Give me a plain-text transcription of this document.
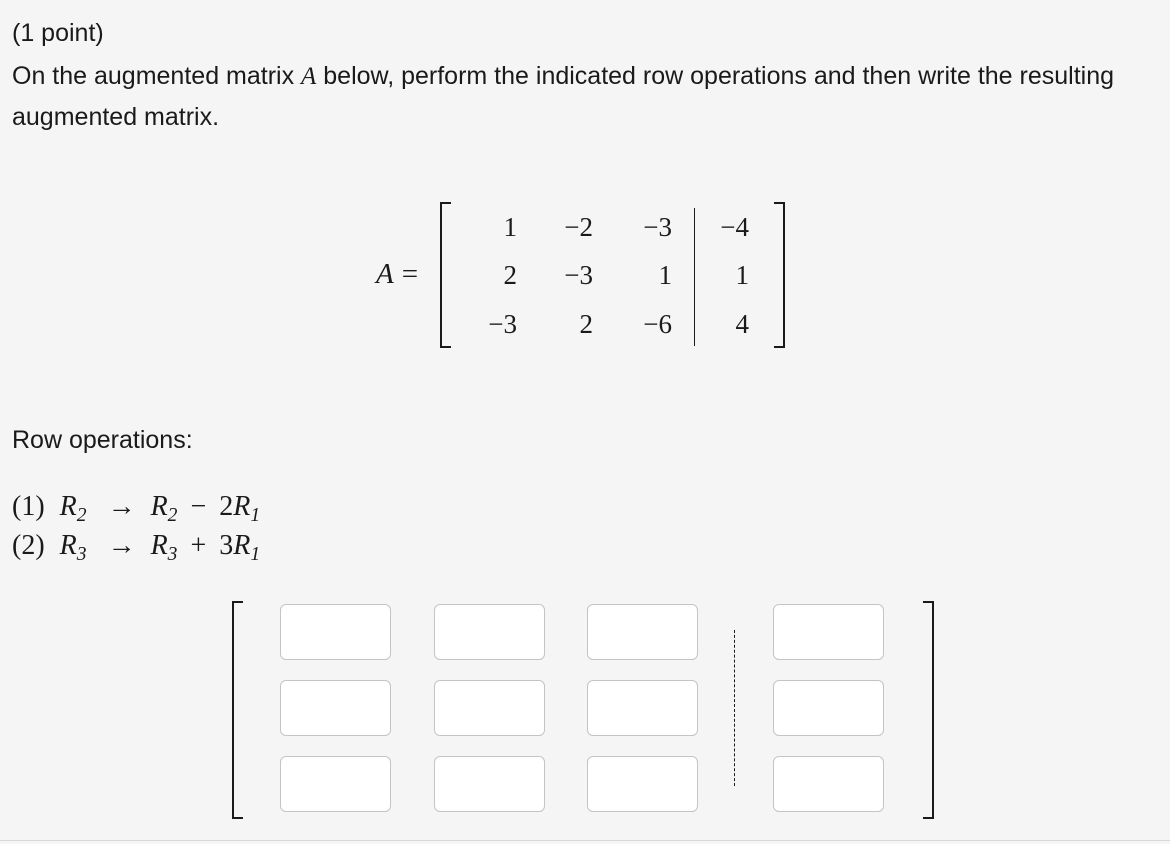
(1 point)
On the augmented matrix A below, perform the indicated row operations and then write the resulting augmented matrix.
A =
1	−2	−3	−4
2	−3	1	1
−3	2	−6	4
Row operations:
(1) $R_2 \to R_2 - 2R_1$
(2) $R_3 \to R_3 + 3R_1$
